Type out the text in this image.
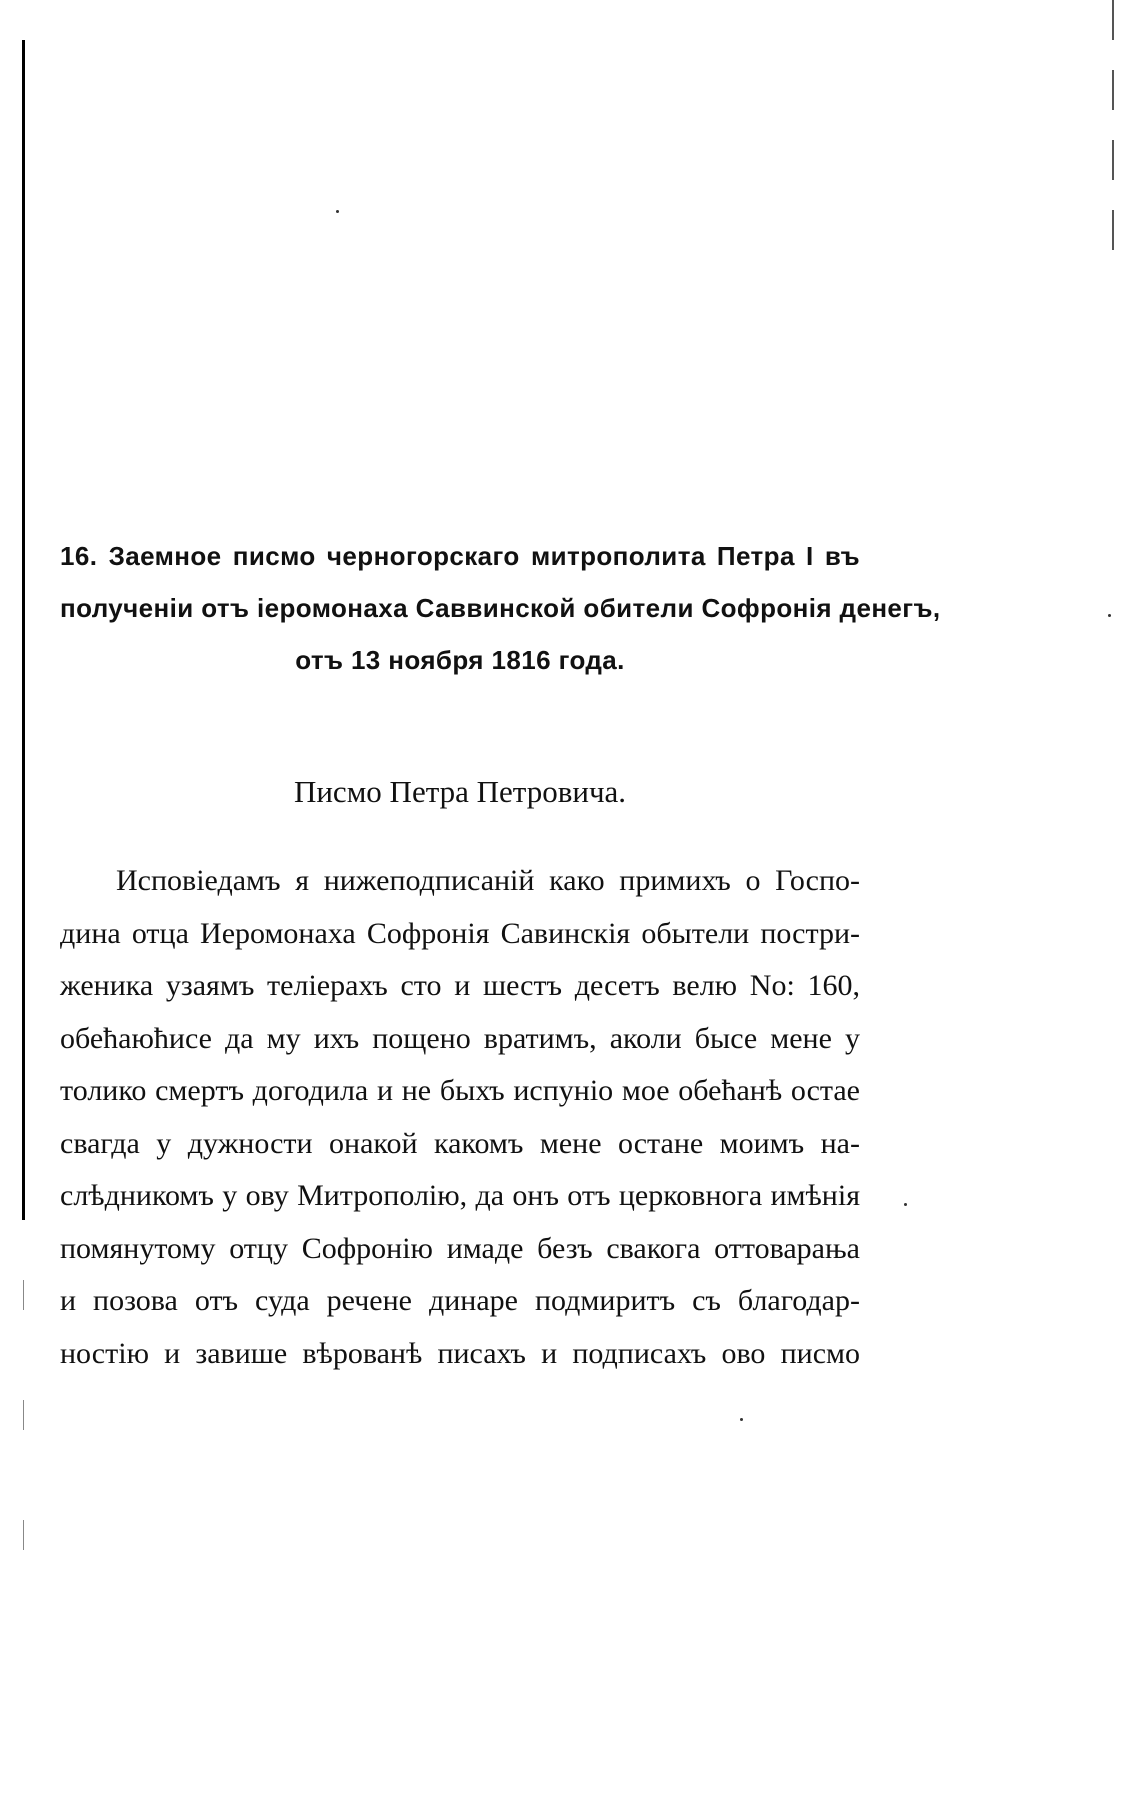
16. Заемное писмо черногорскаго митрополита Петра I въ
полученіи отъ іеромонаха Саввинской обители Софронія денегъ,
отъ 13 ноября 1816 года.
Писмо Петра Петровича.
Исповіедамъ я нижеподписаній како примихъ о Госпо-
дина отца Иеромонаха Софронія Савинскія обытели постри-
женика узаямъ теліерахъ сто и шестъ десетъ велю No: 160,
обећаюћисе да му ихъ пощено вратимъ, аколи бысе мене у
толико смертъ догодила и не быхъ испуніо мое обећанѣ остае
свагда у дужности онакой какомъ мене остане моимъ на-
слѣдникомъ у ову Митрополію, да онъ отъ церковнога имѣнія
помянутому отцу Софронію имаде безъ свакога оттоварања
и позова отъ суда речене динаре подмиритъ съ благодар-
ностію и завише вѣрованѣ писахъ и подписахъ ово писмо
